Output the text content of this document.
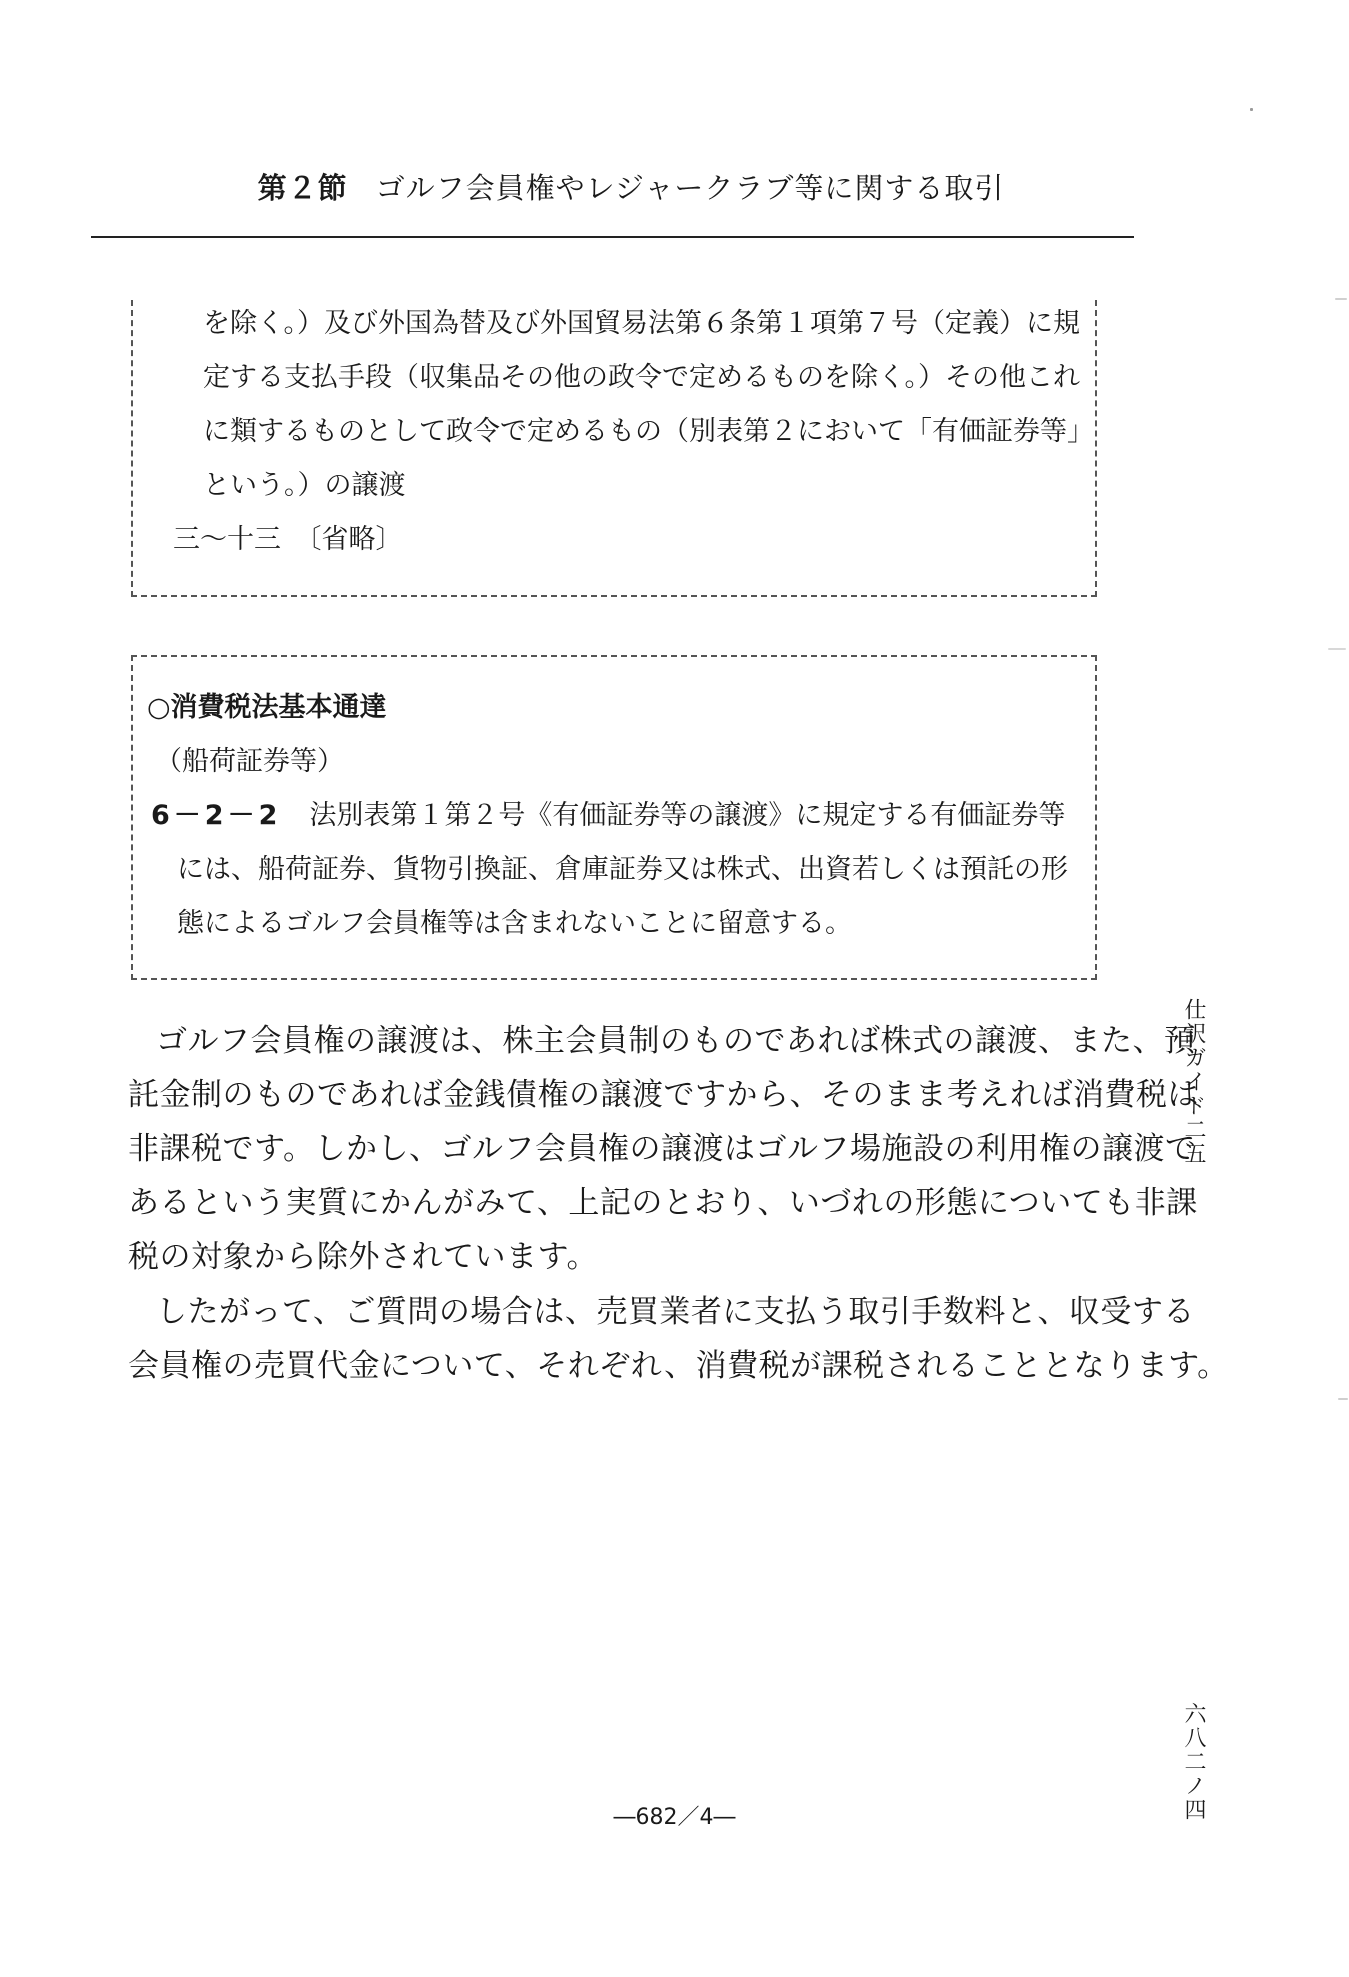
第２節 ゴルフ会員権やレジャークラブ等に関する取引
を除く。）及び外国為替及び外国貿易法第６条第１項第７号（定義）に規
定する支払手段（収集品その他の政令で定めるものを除く。）その他これ
に類するものとして政令で定めるもの（別表第２において「有価証券等」
という。）の譲渡
三～十三　〔省略〕
○消費税法基本通達
（船荷証券等）
6－2－2 法別表第１第２号《有価証券等の譲渡》に規定する有価証券等
には、船荷証券、貨物引換証、倉庫証券又は株式、出資若しくは預託の形
態によるゴルフ会員権等は含まれないことに留意する。
ゴルフ会員権の譲渡は、株主会員制のものであれば株式の譲渡、また、預
託金制のものであれば金銭債権の譲渡ですから、そのまま考えれば消費税は
非課税です。しかし、ゴルフ会員権の譲渡はゴルフ場施設の利用権の譲渡で
あるという実質にかんがみて、上記のとおり、いづれの形態についても非課
税の対象から除外されています。
したがって、ご質問の場合は、売買業者に支払う取引手数料と、収受する
会員権の売買代金について、それぞれ、消費税が課税されることとなります。
仕訳ガイド二五
六八二ノ四
―682／4―
